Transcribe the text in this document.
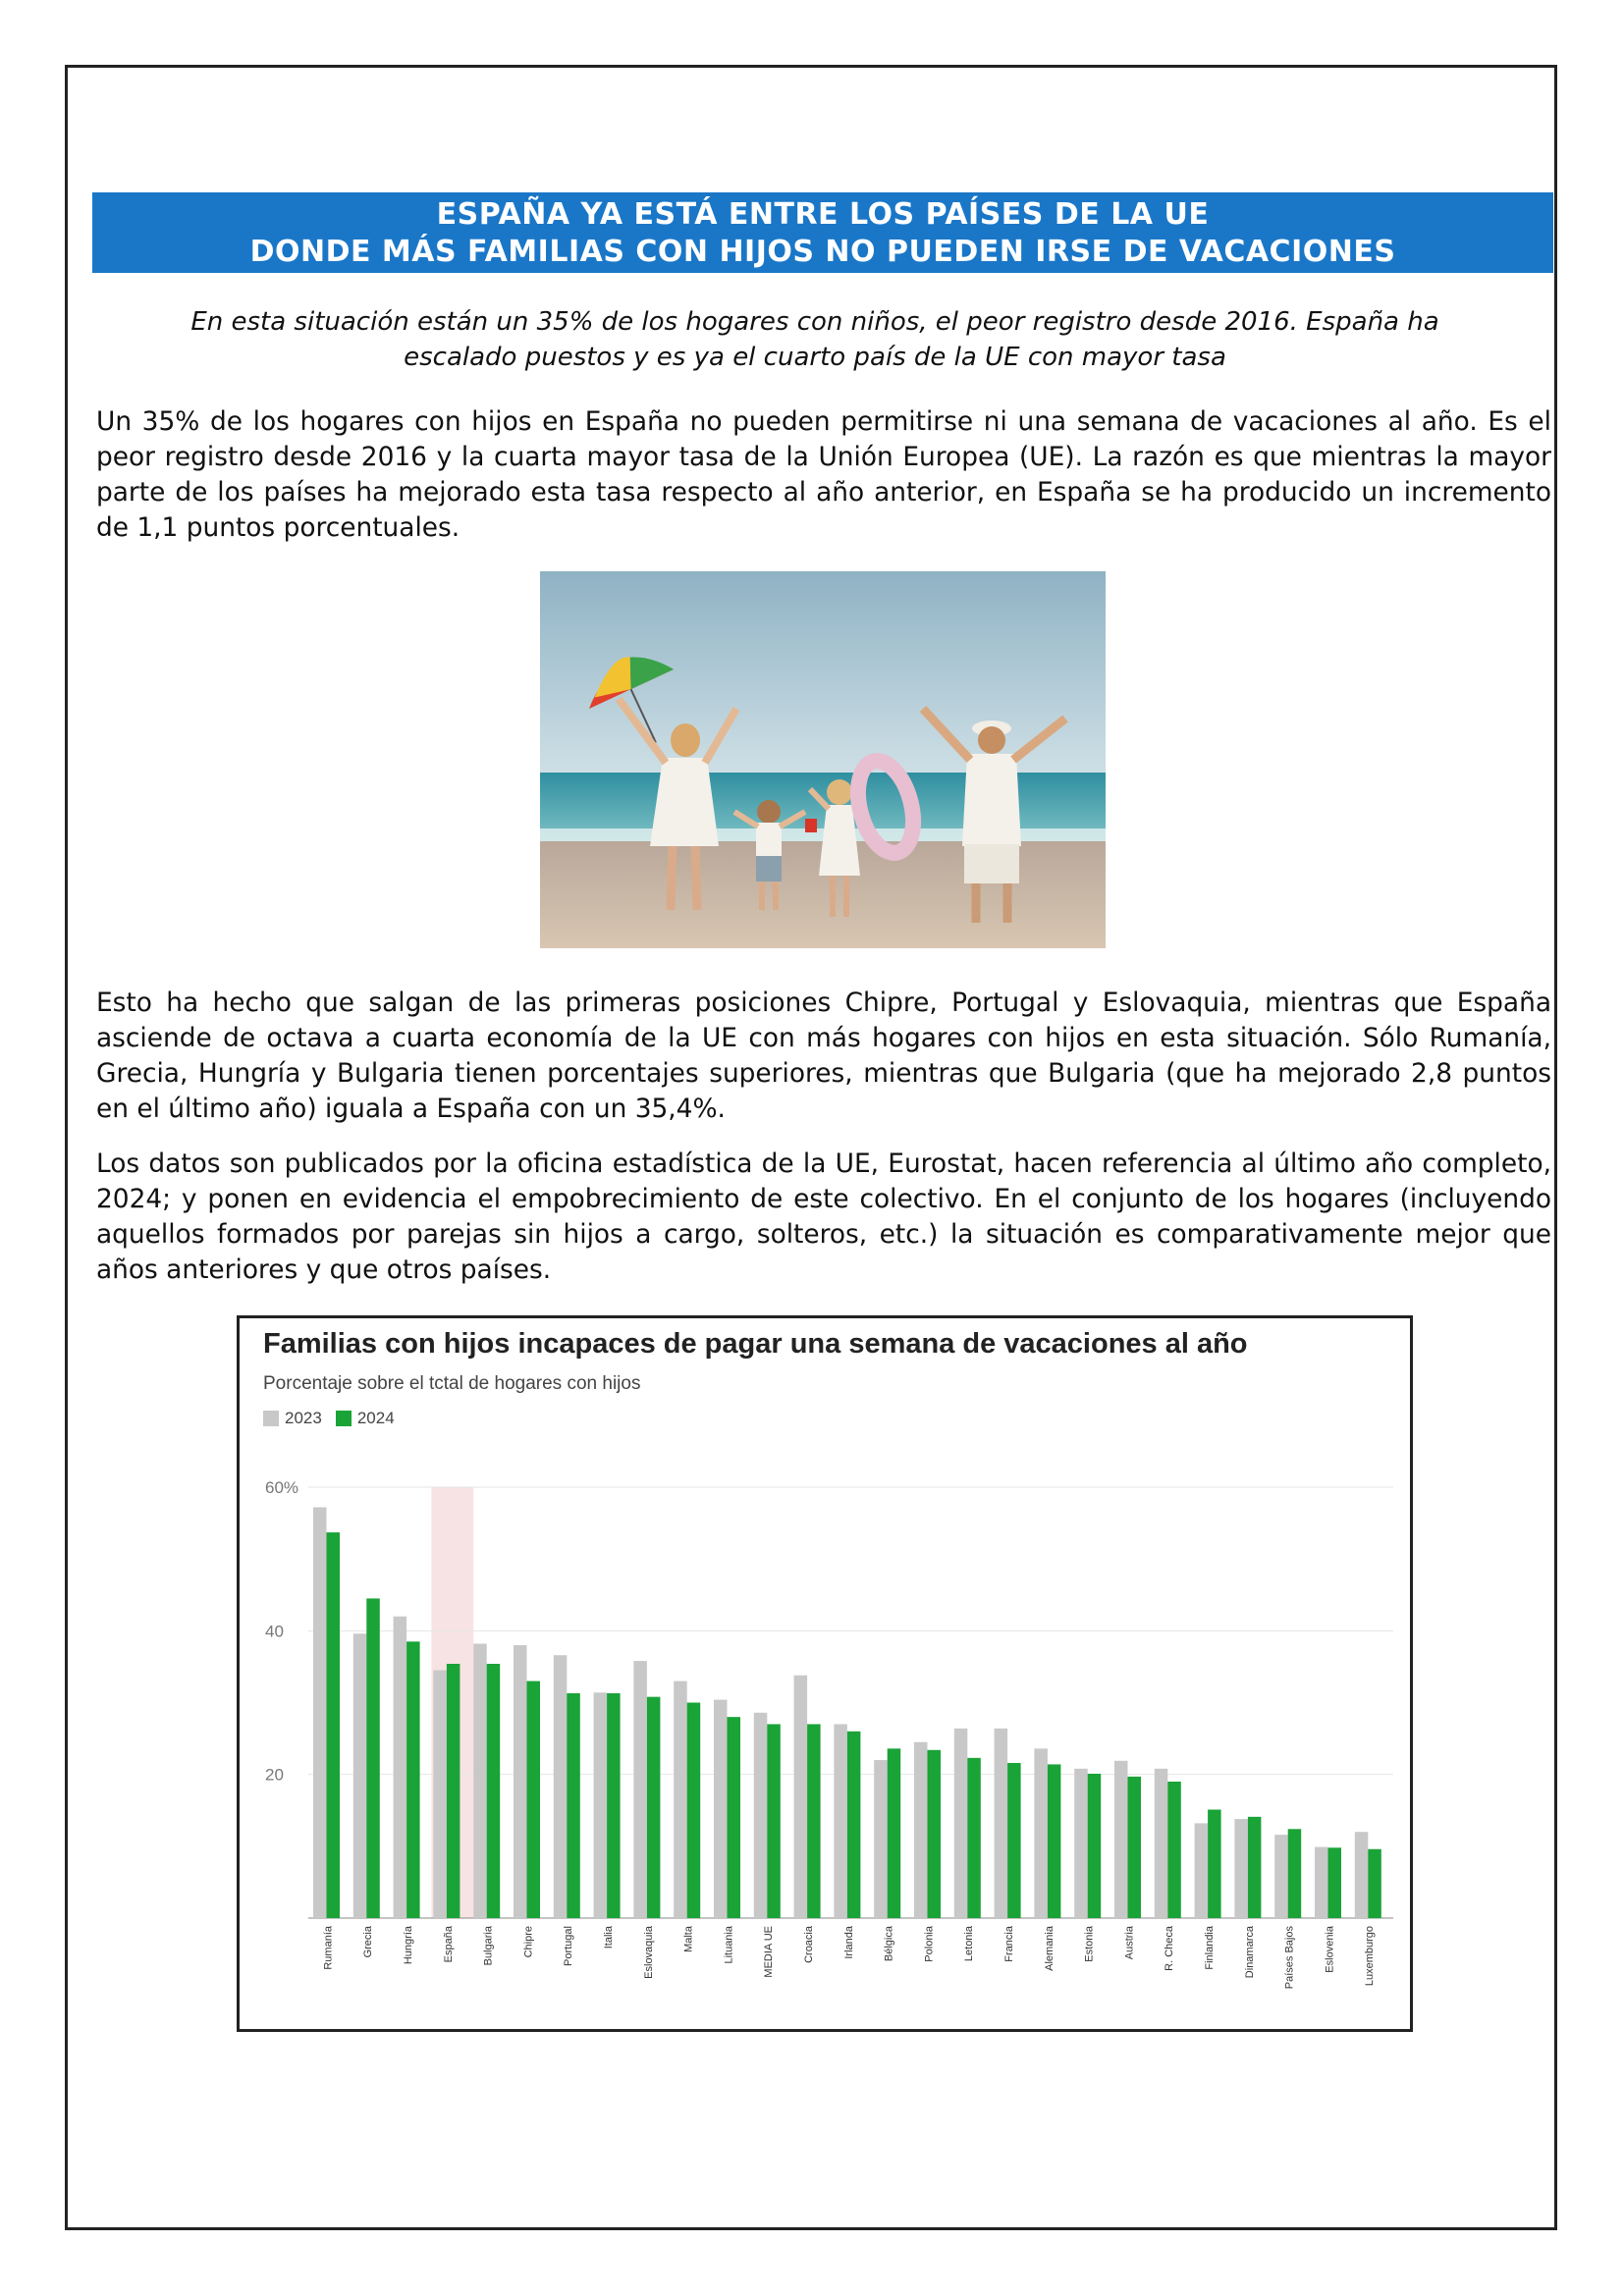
ESPAÑA YA ESTÁ ENTRE LOS PAÍSES DE LA UE
DONDE MÁS FAMILIAS CON HIJOS NO PUEDEN IRSE DE VACACIONES
En esta situación están un 35% de los hogares con niños, el peor registro desde 2016. España ha escalado puestos y es ya el cuarto país de la UE con mayor tasa
Un 35% de los hogares con hijos en España no pueden permitirse ni una semana de vacaciones al año. Es el peor registro desde 2016 y la cuarta mayor tasa de la Unión Europea (UE). La razón es que mientras la mayor parte de los países ha mejorado esta tasa respecto al año anterior, en España se ha producido un incremento de 1,1 puntos porcentuales.
Esto ha hecho que salgan de las primeras posiciones Chipre, Portugal y Eslovaquia, mientras que España asciende de octava a cuarta economía de la UE con más hogares con hijos en esta situación. Sólo Rumanía, Grecia, Hungría y Bulgaria tienen porcentajes superiores, mientras que Bulgaria (que ha mejorado 2,8 puntos en el último año) iguala a España con un 35,4%.
Los datos son publicados por la oficina estadística de la UE, Eurostat, hacen referencia al último año completo, 2024; y ponen en evidencia el empobrecimiento de este colectivo. En el conjunto de los hogares (incluyendo aquellos formados por parejas sin hijos a cargo, solteros, etc.) la situación es comparativamente mejor que años anteriores y que otros países.
Familias con hijos incapaces de pagar una semana de vacaciones al año
Porcentaje sobre el tctal de hogares con hijos
2023 2024
20
40
60%
Rumanía	Grecia	Hungría	España	Bulgaria	Chipre	Portugal	Italia	Eslovaquia	Malta	Lituania	MEDIA UE	Croacia	Irlanda	Bélgica	Polonia	Letonia	Francia	Alemania	Estonia	Austria	R. Checa	Finlandia	Dinamarca	Países Bajos	Eslovenia	Luxemburgo
